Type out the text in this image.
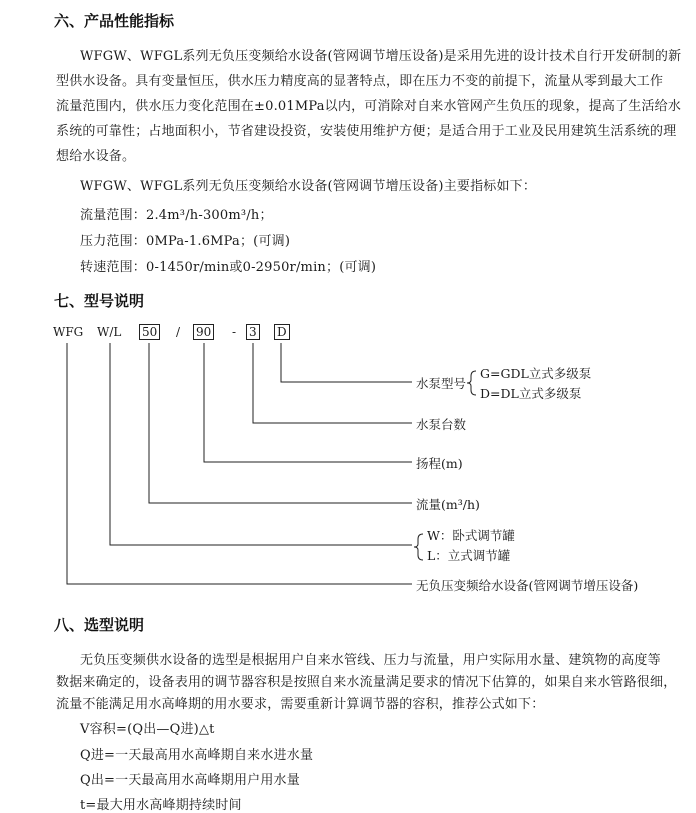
六、产品性能指标
WFGW、WFGL系列无负压变频给水设备(管网调节增压设备)是采用先进的设计技术自行开发研制的新
型供水设备。具有变量恒压，供水压力精度高的显著特点，即在压力不变的前提下，流量从零到最大工作
流量范围内，供水压力变化范围在±0.01MPa以内，可消除对自来水管网产生负压的现象，提高了生活给水
系统的可靠性；占地面积小，节省建设投资，安装使用维护方便；是适合用于工业及民用建筑生活系统的理
想给水设备。
WFGW、WFGL系列无负压变频给水设备(管网调节增压设备)主要指标如下：
流量范围：2.4m³/h-300m³/h；
压力范围：0MPa-1.6MPa；(可调)
转速范围：0-1450r/min或0-2950r/min；(可调)
七、型号说明
WFG W/L 50 / 90 - 3 D
水泵型号
G=GDL立式多级泵
D=DL立式多级泵
水泵台数
扬程(m)
流量(m³/h)
W：卧式调节罐
L：立式调节罐
无负压变频给水设备(管网调节增压设备)
八、选型说明
无负压变频供水设备的选型是根据用户自来水管线、压力与流量，用户实际用水量、建筑物的高度等
数据来确定的，设备表用的调节器容积是按照自来水流量满足要求的情况下估算的，如果自来水管路很细，
流量不能满足用水高峰期的用水要求，需要重新计算调节器的容积，推荐公式如下：
V容积=(Q出—Q进)△t
Q进=一天最高用水高峰期自来水进水量
Q出=一天最高用水高峰期用户用水量
t=最大用水高峰期持续时间
